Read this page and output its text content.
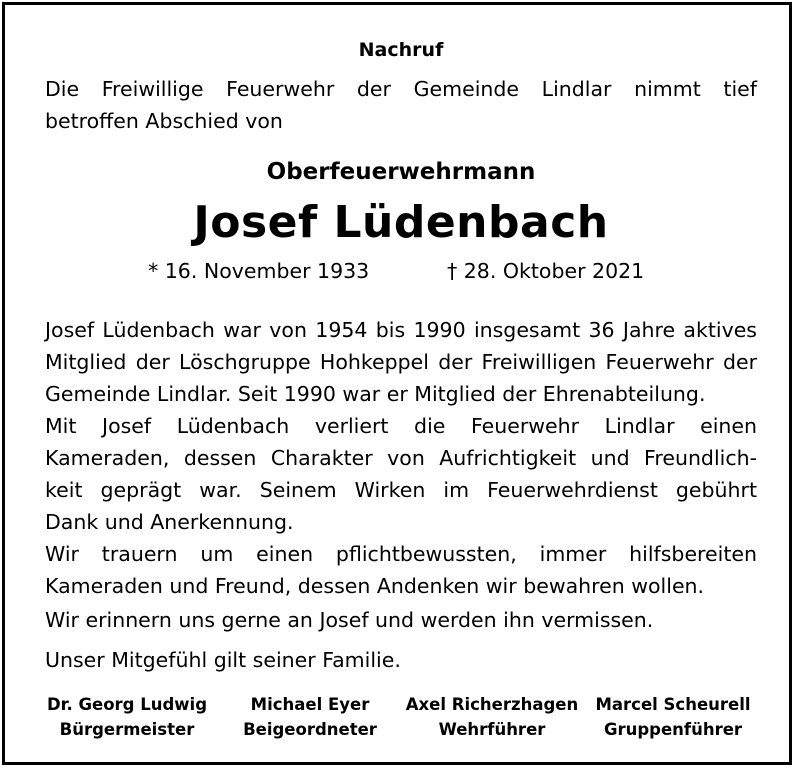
Nachruf
Die Freiwillige Feuerwehr der Gemeinde Lindlar nimmt tief
betroffen Abschied von
Oberfeuerwehrmann
Josef Lüdenbach
* 16. November 1933	† 28. Oktober 2021
Josef Lüdenbach war von 1954 bis 1990 insgesamt 36 Jahre aktives
Mitglied der Löschgruppe Hohkeppel der Freiwilligen Feuerwehr der
Gemeinde Lindlar. Seit 1990 war er Mitglied der Ehrenabteilung.
Mit Josef Lüdenbach verliert die Feuerwehr Lindlar einen
Kameraden, dessen Charakter von Aufrichtigkeit und Freundlich-
keit geprägt war. Seinem Wirken im Feuerwehrdienst gebührt
Dank und Anerkennung.
Wir trauern um einen pflichtbewussten, immer hilfsbereiten
Kameraden und Freund, dessen Andenken wir bewahren wollen.
Wir erinnern uns gerne an Josef und werden ihn vermissen.
Unser Mitgefühl gilt seiner Familie.
Dr. Georg Ludwig
Bürgermeister
Michael Eyer
Beigeordneter
Axel Richerzhagen
Wehrführer
Marcel Scheurell
Gruppenführer
